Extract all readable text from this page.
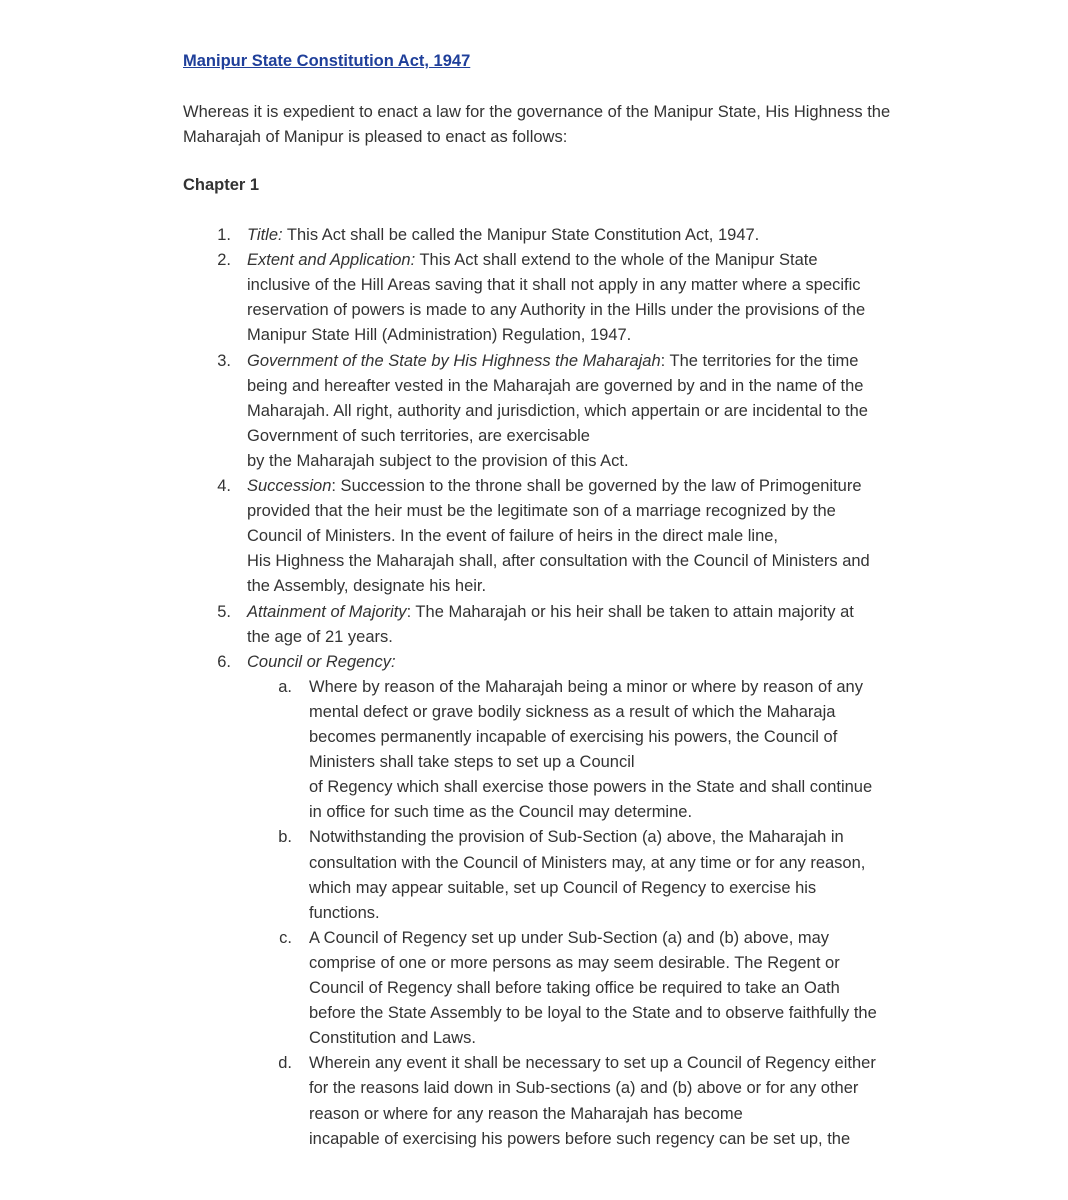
Manipur State Constitution Act, 1947

Whereas it is expedient to enact a law for the governance of the Manipur State, His Highness the Maharajah of Manipur is pleased to enact as follows:

Chapter 1
1. Title: This Act shall be called the Manipur State Constitution Act, 1947.
2. Extent and Application: This Act shall extend to the whole of the Manipur State
inclusive of the Hill Areas saving that it shall not apply in any matter where a specific
reservation of powers is made to any Authority in the Hills under the provisions of the
Manipur State Hill (Administration) Regulation, 1947.
3. Government of the State by His Highness the Maharajah: The territories for the time
being and hereafter vested in the Maharajah are governed by and in the name of the
Maharajah. All right, authority and jurisdiction, which appertain or are incidental to the
Government of such territories, are exercisable
by the Maharajah subject to the provision of this Act.
4. Succession: Succession to the throne shall be governed by the law of Primogeniture
provided that the heir must be the legitimate son of a marriage recognized by the
Council of Ministers. In the event of failure of heirs in the direct male line,
His Highness the Maharajah shall, after consultation with the Council of Ministers and
the Assembly, designate his heir.
5. Attainment of Majority: The Maharajah or his heir shall be taken to attain majority at
the age of 21 years.
6. Council or Regency:
a. Where by reason of the Maharajah being a minor or where by reason of any
mental defect or grave bodily sickness as a result of which the Maharaja
becomes permanently incapable of exercising his powers, the Council of
Ministers shall take steps to set up a Council
of Regency which shall exercise those powers in the State and shall continue
in office for such time as the Council may determine.
b. Notwithstanding the provision of Sub-Section (a) above, the Maharajah in
consultation with the Council of Ministers may, at any time or for any reason,
which may appear suitable, set up Council of Regency to exercise his
functions.
c. A Council of Regency set up under Sub-Section (a) and (b) above, may
comprise of one or more persons as may seem desirable. The Regent or
Council of Regency shall before taking office be required to take an Oath
before the State Assembly to be loyal to the State and to observe faithfully the
Constitution and Laws.
d. Wherein any event it shall be necessary to set up a Council of Regency either
for the reasons laid down in Sub-sections (a) and (b) above or for any other
reason or where for any reason the Maharajah has become
incapable of exercising his powers before such regency can be set up, the
